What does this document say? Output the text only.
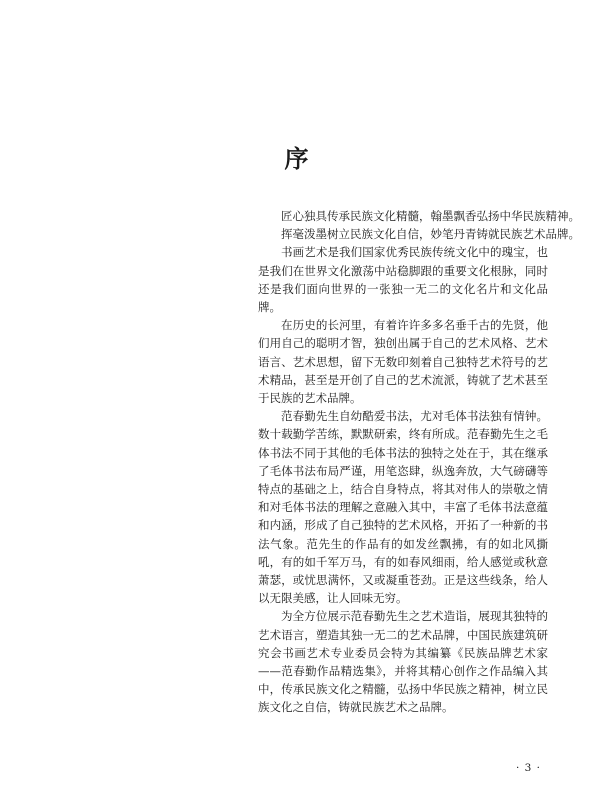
序

匠心独具传承民族文化精髓，翰墨飘香弘扬中华民族精神。

挥毫泼墨树立民族文化自信，妙笔丹青铸就民族艺术品牌。

书画艺术是我们国家优秀民族传统文化中的瑰宝，也是我们在世界文化激荡中站稳脚跟的重要文化根脉，同时还是我们面向世界的一张独一无二的文化名片和文化品牌。

在历史的长河里，有着许许多多名垂千古的先贤，他们用自己的聪明才智，独创出属于自己的艺术风格、艺术语言、艺术思想，留下无数印刻着自己独特艺术符号的艺术精品，甚至是开创了自己的艺术流派，铸就了艺术甚至于民族的艺术品牌。

范春勤先生自幼酷爱书法，尤对毛体书法独有情钟。数十载勤学苦练，默默研索，终有所成。范春勤先生之毛体书法不同于其他的毛体书法的独特之处在于，其在继承了毛体书法布局严谨，用笔恣肆，纵逸奔放，大气磅礴等特点的基础之上，结合自身特点，将其对伟人的崇敬之情和对毛体书法的理解之意融入其中，丰富了毛体书法意蕴和内涵，形成了自己独特的艺术风格，开拓了一种新的书法气象。范先生的作品有的如发丝飘拂，有的如北风撕吼，有的如千军万马，有的如春风细雨，给人感觉或秋意萧瑟，或忧思满怀，又或凝重苍劲。正是这些线条，给人以无限美感，让人回味无穷。

为全方位展示范春勤先生之艺术造诣，展现其独特的艺术语言，塑造其独一无二的艺术品牌，中国民族建筑研究会书画艺术专业委员会特为其编纂《民族品牌艺术家——范春勤作品精选集》，并将其精心创作之作品编入其中，传承民族文化之精髓，弘扬中华民族之精神，树立民族文化之自信，铸就民族艺术之品牌。

· 3 ·
